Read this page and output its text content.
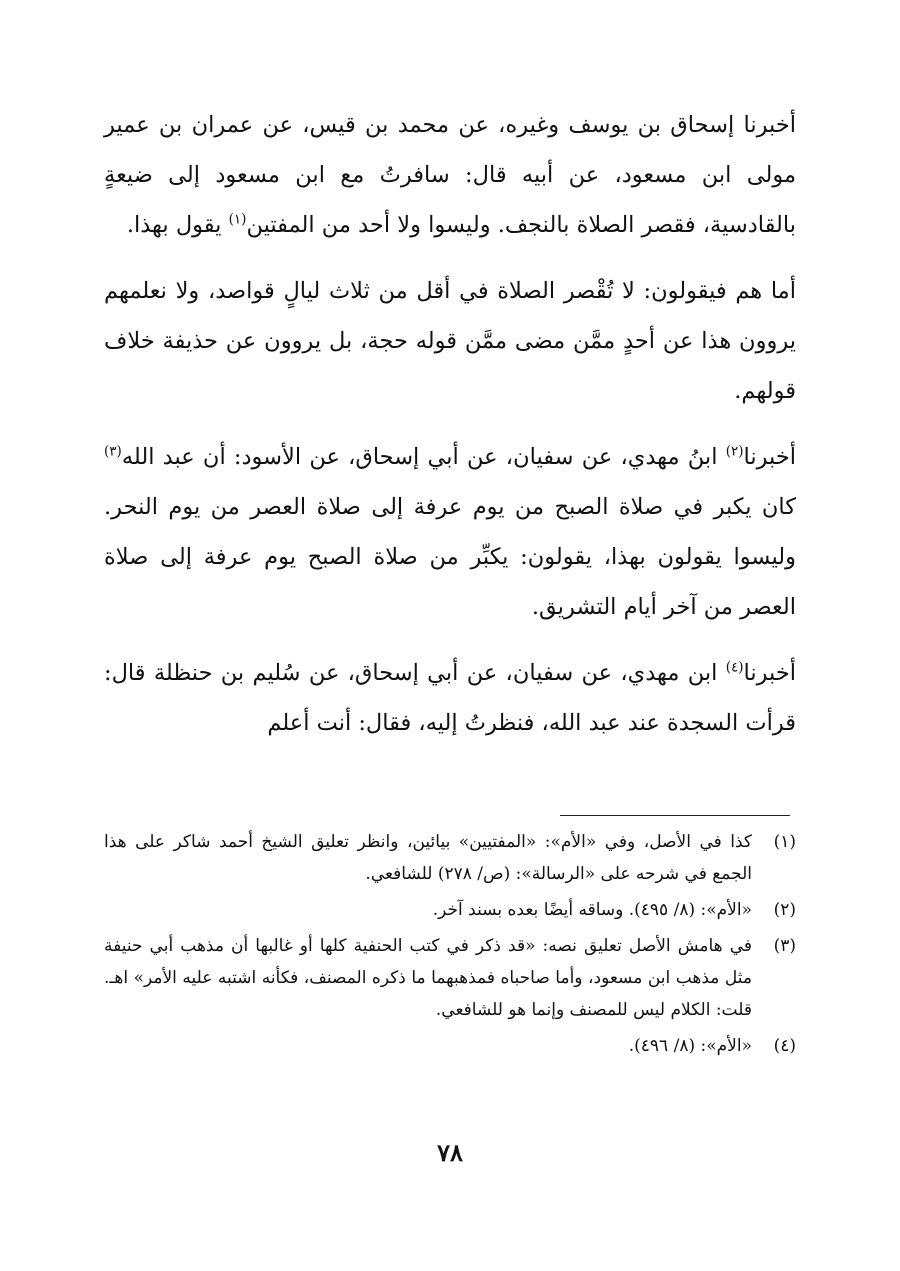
أخبرنا إسحاق بن يوسف وغيره، عن محمد بن قيس، عن عمران بن عمير مولى ابن مسعود، عن أبيه قال: سافرتُ مع ابن مسعود إلى ضيعةٍ بالقادسية، فقصر الصلاة بالنجف. وليسوا ولا أحد من المفتين$^{(١)}$ يقول بهذا.

أما هم فيقولون: لا تُقْصر الصلاة في أقل من ثلاث ليالٍ قواصد، ولا نعلمهم يروون هذا عن أحدٍ ممَّن مضى ممَّن قوله حجة، بل يروون عن حذيفة خلاف قولهم.

أخبرنا$^{(٢)}$ ابنُ مهدي، عن سفيان، عن أبي إسحاق، عن الأسود: أن عبد الله$^{(٣)}$ كان يكبر في صلاة الصبح من يوم عرفة إلى صلاة العصر من يوم النحر. وليسوا يقولون بهذا، يقولون: يكبِّر من صلاة الصبح يوم عرفة إلى صلاة العصر من آخر أيام التشريق.

أخبرنا$^{(٤)}$ ابن مهدي، عن سفيان، عن أبي إسحاق، عن سُليم بن حنظلة قال: قرأت السجدة عند عبد الله، فنظرتُ إليه، فقال: أنت أعلم

(١)
كذا في الأصل، وفي «الأم»: «المفتيين» بيائين، وانظر تعليق الشيخ أحمد شاكر على هذا الجمع في شرحه على «الرسالة»: (ص/ ٢٧٨) للشافعي.
(٢)
«الأم»: (٨/ ٤٩٥). وساقه أيضًا بعده بسند آخر.
(٣)
في هامش الأصل تعليق نصه: «قد ذكر في كتب الحنفية كلها أو غالبها أن مذهب أبي حنيفة مثل مذهب ابن مسعود، وأما صاحباه فمذهبهما ما ذكره المصنف، فكأنه اشتبه عليه الأمر» اهـ. قلت: الكلام ليس للمصنف وإنما هو للشافعي.
(٤)
«الأم»: (٨/ ٤٩٦).
٧٨
